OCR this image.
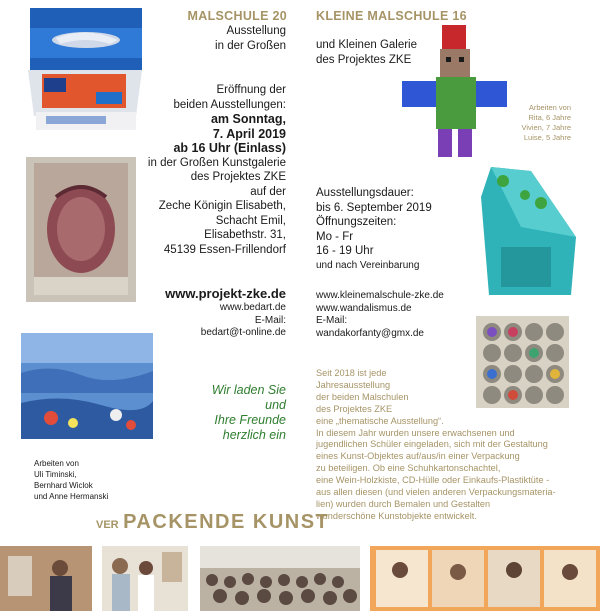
MALSCHULE 20
Ausstellung
in der Großen
Eröffnung der
beiden Ausstellungen:
am Sonntag,
7. April 2019
ab 16 Uhr (Einlass)
in der Großen Kunstgalerie
des Projektes ZKE
auf der
Zeche Königin Elisabeth,
Schacht Emil,
Elisabethstr. 31,
45139 Essen-Frillendorf
www.projekt-zke.de
www.bedart.de
E-Mail:
bedart@t-online.de
Wir laden Sie
und
Ihre Freunde
herzlich ein
Arbeiten von
Uli Timinski,
Bernhard Wiclok
und Anne Hermanski
VER PACKENDE KUNST
KLEINE MALSCHULE 16
und Kleinen Galerie
des Projektes ZKE
Arbeiten von
Rita, 6 Jahre
Vivien, 7 Jahre
Luise, 5 Jahre
Ausstellungsdauer:
bis 6. September 2019
Öffnungszeiten:
Mo - Fr
16 - 19 Uhr
und nach Vereinbarung
www.kleinemalschule-zke.de
www.wandalismus.de
E-Mail:
wandakorfanty@gmx.de
Seit 2018 ist jede
Jahresausstellung
der beiden Malschulen
des Projektes ZKE
eine „thematische Ausstellung“.
In diesem Jahr wurden unsere erwachsenen und
jugendlichen Schüler eingeladen, sich mit der Gestaltung
eines Kunst-Objektes auf/aus/in einer Verpackung
zu beteiligen. Ob eine Schuhkartonschachtel,
eine Wein-Holzkiste, CD-Hülle oder Einkaufs-Plastiktüte -
aus allen diesen (und vielen anderen Verpackungsmateria-
lien) wurden durch Bemalen und Gestalten
wunderschöne Kunstobjekte entwickelt.
